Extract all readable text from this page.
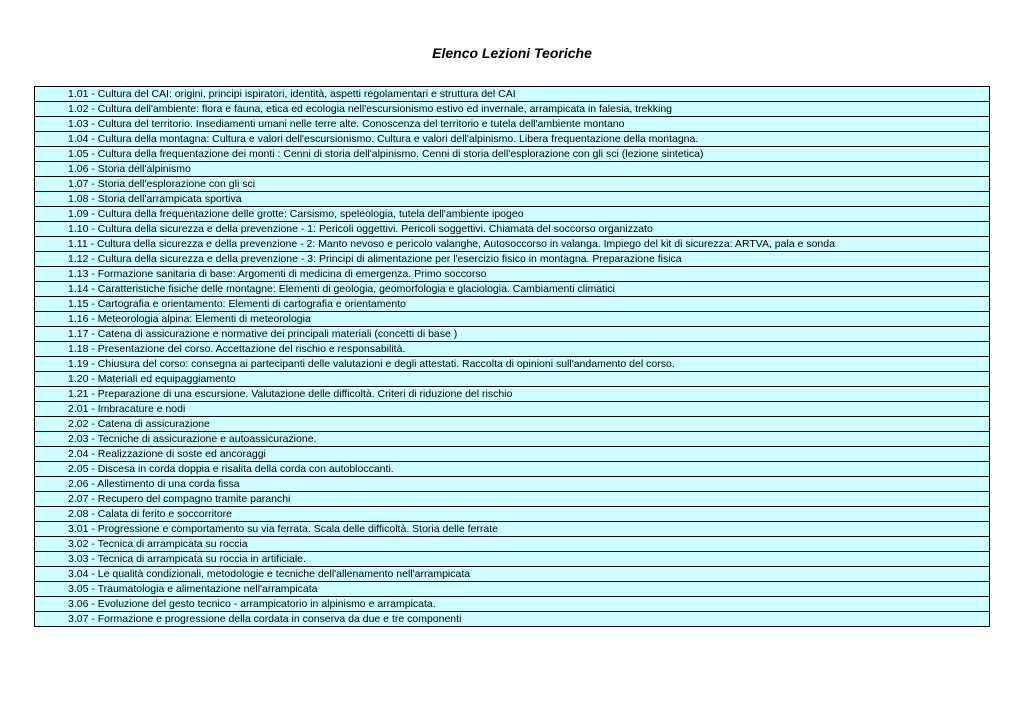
Elenco Lezioni Teoriche
1.01 - Cultura del CAI: origini, principi ispiratori, identità, aspetti regolamentari e struttura del CAI
1.02 - Cultura dell'ambiente: flora e fauna, etica ed ecologia nell'escursionismo estivo ed invernale, arrampicata in falesia, trekking
1.03 - Cultura del territorio. Insediamenti umani nelle terre alte. Conoscenza del territorio e tutela dell'ambiente montano
1.04 - Cultura della montagna: Cultura e valori dell'escursionismo. Cultura e valori dell'alpinismo. Libera frequentazione della montagna.
1.05 - Cultura della frequentazione dei monti : Cenni di storia dell'alpinismo. Cenni di storia dell'esplorazione con gli sci (lezione sintetica)
1.06 - Storia dell'alpinismo
1.07 - Storia dell'esplorazione con gli sci
1.08 - Storia dell'arrampicata sportiva
1.09 - Cultura della frequentazione delle grotte: Carsismo, speleologia, tutela dell'ambiente ipogeo
1.10 - Cultura della sicurezza e della prevenzione - 1: Pericoli oggettivi. Pericoli soggettivi. Chiamata del soccorso organizzato
1.11 - Cultura della sicurezza e della prevenzione - 2: Manto nevoso e pericolo valanghe, Autosoccorso in valanga. Impiego del kit di sicurezza: ARTVA, pala e sonda
1.12 - Cultura della sicurezza e della prevenzione - 3: Principi di alimentazione per l'esercizio fisico in montagna. Preparazione fisica
1.13 - Formazione sanitaria di base: Argomenti di medicina di emergenza. Primo soccorso
1.14 - Caratteristiche fisiche delle montagne: Elementi di geologia, geomorfologia e glaciologia. Cambiamenti climatici
1.15 - Cartografia e orientamento: Elementi di cartografia e orientamento
1.16 - Meteorologia alpina: Elementi di meteorologia
1.17 - Catena di assicurazione e normative dei principali materiali (concetti di base )
1.18 - Presentazione del corso. Accettazione del rischio e responsabilità.
1.19 - Chiusura del corso: consegna ai partecipanti delle valutazioni e degli attestati. Raccolta di opinioni sull'andamento del corso.
1.20 - Materiali ed equipaggiamento
1.21 - Preparazione di una escursione. Valutazione delle difficoltà. Criteri di riduzione del rischio
2.01 - Imbracature e nodi
2.02 - Catena di assicurazione
2.03 - Tecniche di assicurazione e autoassicurazione.
2.04 - Realizzazione di soste ed ancoraggi
2.05 - Discesa in corda doppia e risalita della corda con autobloccanti.
2.06 - Allestimento di una corda fissa
2.07 - Recupero del compagno tramite paranchi
2.08 - Calata di ferito e soccorritore
3.01 - Progressione e comportamento su via ferrata. Scala delle difficoltà. Storia delle ferrate
3.02 - Tecnica di arrampicata su roccia
3.03 - Tecnica di arrampicata su roccia in artificiale.
3.04 - Le qualità condizionali, metodologie e tecniche dell'allenamento nell'arrampicata
3.05 - Traumatologia e alimentazione nell'arrampicata
3.06 - Evoluzione del gesto tecnico - arrampicatorio in alpinismo e arrampicata.
3.07 - Formazione e progressione della cordata in conserva da due e tre componenti
